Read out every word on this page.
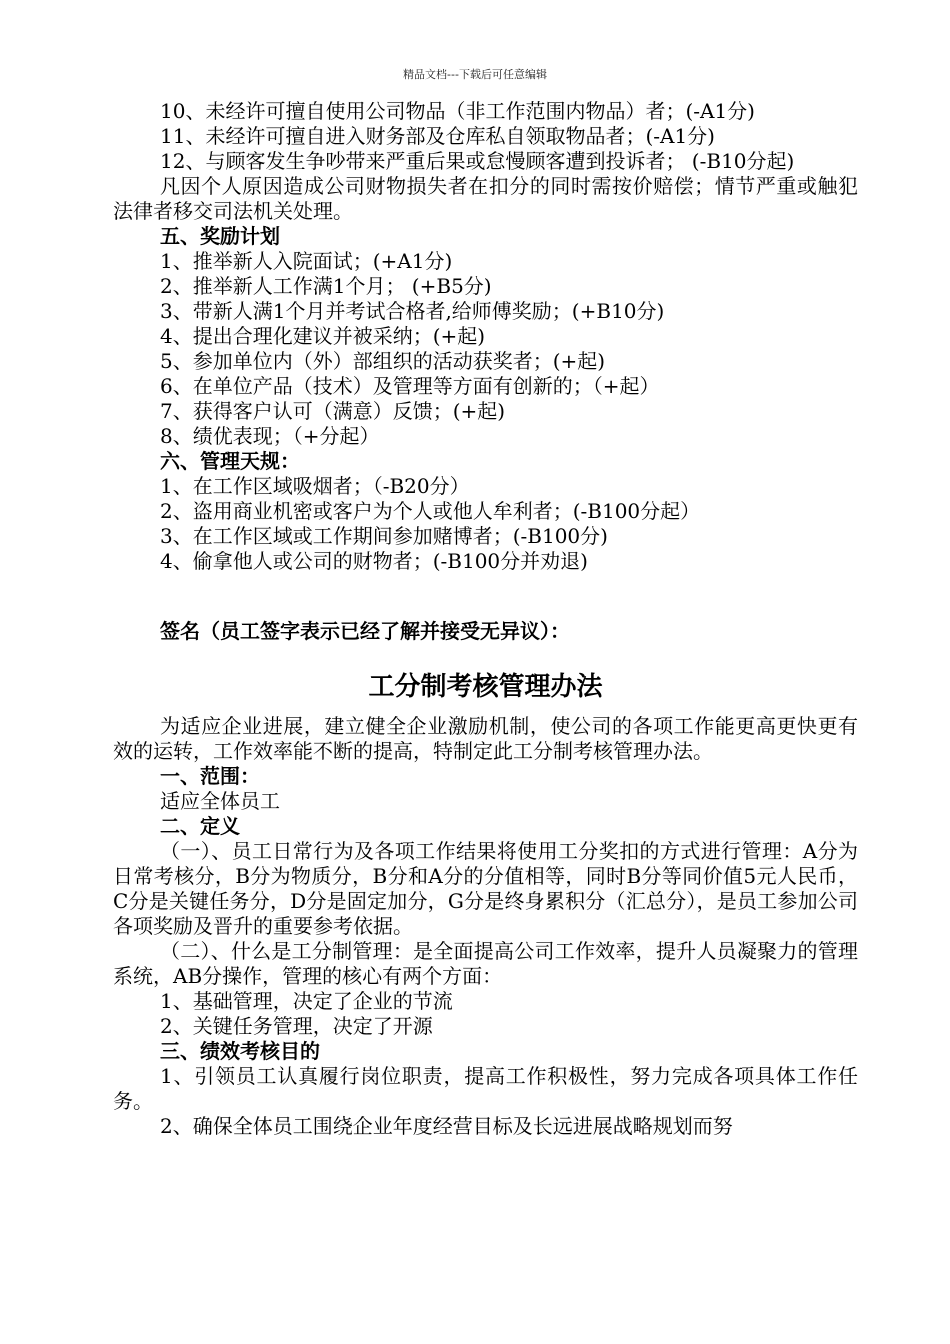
精品文档---下载后可任意编辑

10、未经许可擅自使用公司物品（非工作范围内物品）者；(-A1分)

11、未经许可擅自进入财务部及仓库私自领取物品者；(-A1分)

12、与顾客发生争吵带来严重后果或怠慢顾客遭到投诉者； (-B10分起)

凡因个人原因造成公司财物损失者在扣分的同时需按价赔偿；情节严重或触犯法律者移交司法机关处理。

五、奖励计划

1、推举新人入院面试；(+A1分)

2、推举新人工作满1个月； (+B5分)

3、带新人满1个月并考试合格者,给师傅奖励；(+B10分)

4、提出合理化建议并被采纳；(+起)

5、参加单位内（外）部组织的活动获奖者；(+起)

6、在单位产品（技术）及管理等方面有创新的；（+起）

7、获得客户认可（满意）反馈；(+起)

8、绩优表现；（+分起）

六、管理天规：

1、在工作区域吸烟者；（-B20分）

2、盗用商业机密或客户为个人或他人牟利者；(-B100分起）

3、在工作区域或工作期间参加赌博者；(-B100分)

4、偷拿他人或公司的财物者；(-B100分并劝退)

签名（员工签字表示已经了解并接受无异议）：

工分制考核管理办法

为适应企业进展，建立健全企业激励机制，使公司的各项工作能更高更快更有效的运转，工作效率能不断的提高，特制定此工分制考核管理办法。

一、范围：

适应全体员工

二、定义

（一）、员工日常行为及各项工作结果将使用工分奖扣的方式进行管理：A分为日常考核分，B分为物质分，B分和A分的分值相等，同时B分等同价值5元人民币，C分是关键任务分，D分是固定加分，G分是终身累积分（汇总分），是员工参加公司各项奖励及晋升的重要参考依据。

（二）、什么是工分制管理：是全面提高公司工作效率，提升人员凝聚力的管理系统，AB分操作，管理的核心有两个方面：

1、基础管理，决定了企业的节流

2、关键任务管理，决定了开源

三、绩效考核目的

1、引领员工认真履行岗位职责，提高工作积极性，努力完成各项具体工作任务。

2、确保全体员工围绕企业年度经营目标及长远进展战略规划而努
